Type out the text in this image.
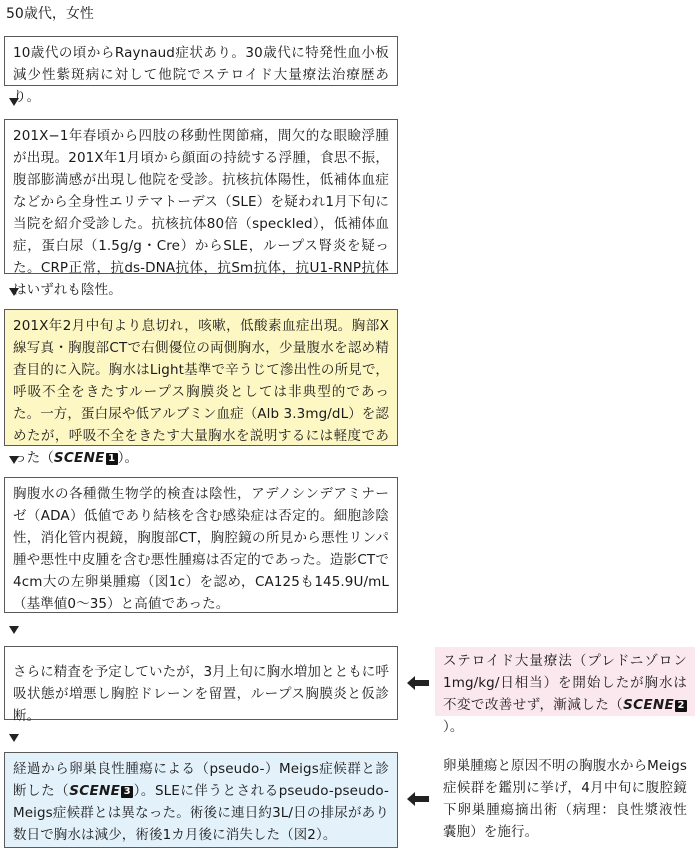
50歳代，女性
10歳代の頃からRaynaud症状あり。30歳代に特発性血小板減少性紫斑病に対して他院でステロイド大量療法治療歴あり。
201X−1年春頃から四肢の移動性関節痛，間欠的な眼瞼浮腫が出現。201X年1月頃から顔面の持続する浮腫，食思不振，腹部膨満感が出現し他院を受診。抗核抗体陽性，低補体血症などから全身性エリテマトーデス（SLE）を疑われ1月下旬に当院を紹介受診した。抗核抗体80倍（speckled），低補体血症，蛋白尿（1.5g/g・Cre）からSLE，ループス腎炎を疑った。CRP正常，抗ds-DNA抗体，抗Sm抗体，抗U1-RNP抗体はいずれも陰性。
201X年2月中旬より息切れ，咳嗽，低酸素血症出現。胸部X線写真・胸腹部CTで右側優位の両側胸水，少量腹水を認め精査目的に入院。胸水はLight基準で辛うじて滲出性の所見で，呼吸不全をきたすループス胸膜炎としては非典型的であった。一方，蛋白尿や低アルブミン血症（Alb 3.3mg/dL）を認めたが，呼吸不全をきたす大量胸水を説明するには軽度であった（SCENE 1 ）。
胸腹水の各種微生物学的検査は陰性，アデノシンデアミナーゼ（ADA）低値であり結核を含む感染症は否定的。細胞診陰性，消化管内視鏡，胸腹部CT，胸腔鏡の所見から悪性リンパ腫や悪性中皮腫を含む悪性腫瘍は否定的であった。造影CTで4cm大の左卵巣腫瘍（図1c）を認め，CA125も145.9U/mL（基準値0〜35）と高値であった。
さらに精査を予定していたが，3月上旬に胸水増加とともに呼吸状態が増悪し胸腔ドレーンを留置，ループス胸膜炎と仮診断。
ステロイド大量療法（プレドニゾロン1mg/kg/日相当）を開始したが胸水は不変で改善せず，漸減した（SCENE 2）。
経過から卵巣良性腫瘍による（pseudo-）Meigs症候群と診断した（SCENE 3 ）。SLEに伴うとされるpseudo-pseudo-Meigs症候群とは異なった。術後に連日約3L/日の排尿があり数日で胸水は減少，術後1カ月後に消失した（図2）。
卵巣腫瘍と原因不明の胸腹水からMeigs症候群を鑑別に挙げ，4月中旬に腹腔鏡下卵巣腫瘍摘出術（病理：良性漿液性嚢胞）を施行。
